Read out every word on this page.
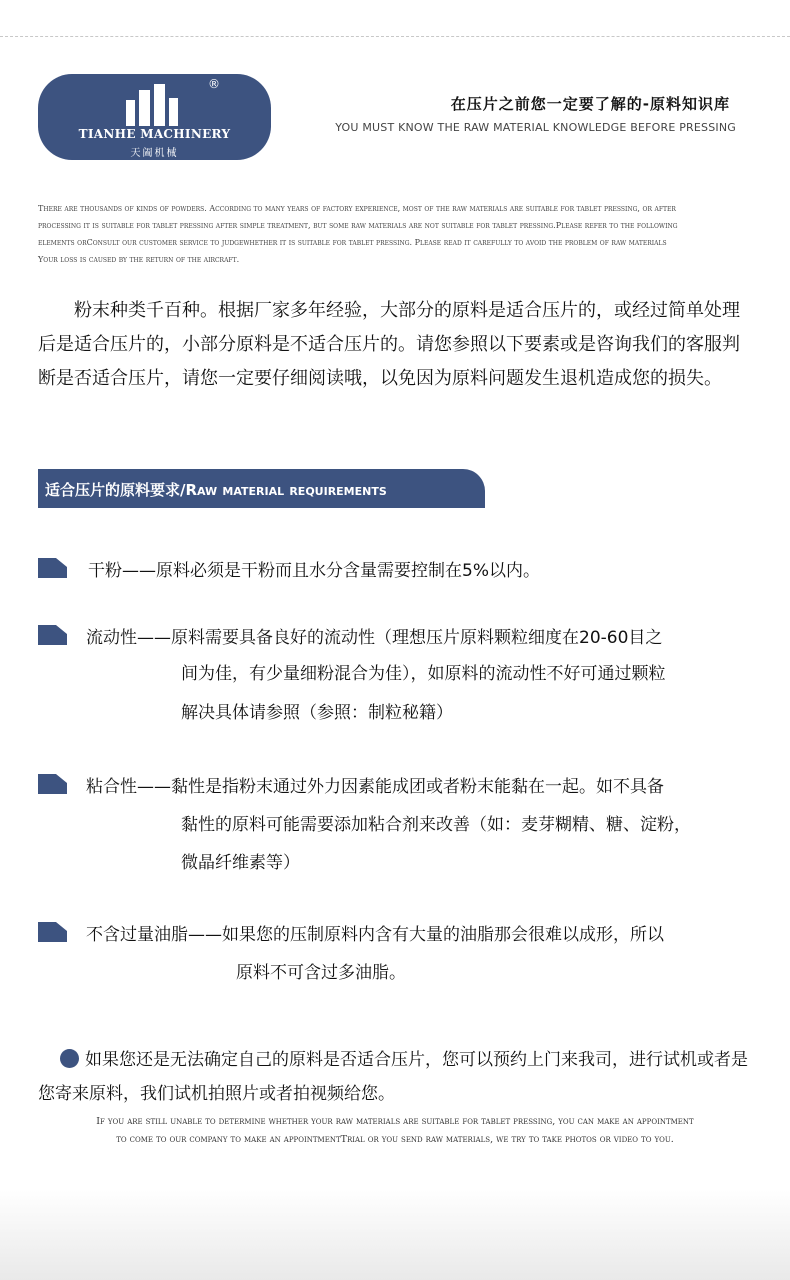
®
TIANHE MACHINERY
天阖机械
在压片之前您一定要了解的-原料知识库
YOU MUST KNOW THE RAW MATERIAL KNOWLEDGE BEFORE PRESSING
There are thousands of kinds of powders. According to many years of factory experience, most of the raw materials are suitable for tablet pressing, or after
processing it is suitable for tablet pressing after simple treatment, but some raw materials are not suitable for tablet pressing.Please refer to the following
elements orConsult our customer service to judgewhether it is suitable for tablet pressing. Please read it carefully to avoid the problem of raw materials
Your loss is caused by the return of the aircraft.
粉末种类千百种。根据厂家多年经验，大部分的原料是适合压片的，或经过简单处理后是适合压片的，小部分原料是不适合压片的。请您参照以下要素或是咨询我们的客服判断是否适合压片，请您一定要仔细阅读哦，以免因为原料问题发生退机造成您的损失。
适合压片的原料要求/Raw material requirements
干粉——原料必须是干粉而且水分含量需要控制在5%以内。
流动性——原料需要具备良好的流动性（理想压片原料颗粒细度在20-60目之
间为佳，有少量细粉混合为佳），如原料的流动性不好可通过颗粒
解决具体请参照（参照：制粒秘籍）
粘合性——黏性是指粉末通过外力因素能成团或者粉末能黏在一起。如不具备
黏性的原料可能需要添加粘合剂来改善（如：麦芽糊精、糖、淀粉，
微晶纤维素等）
不含过量油脂——如果您的压制原料内含有大量的油脂那会很难以成形，所以
原料不可含过多油脂。
如果您还是无法确定自己的原料是否适合压片，您可以预约上门来我司，进行试机或者是您寄来原料，我们试机拍照片或者拍视频给您。
If you are still unable to determine whether your raw materials are suitable for tablet pressing, you can make an appointment
to come to our company to make an appointmentTrial or you send raw materials, we try to take photos or video to you.
